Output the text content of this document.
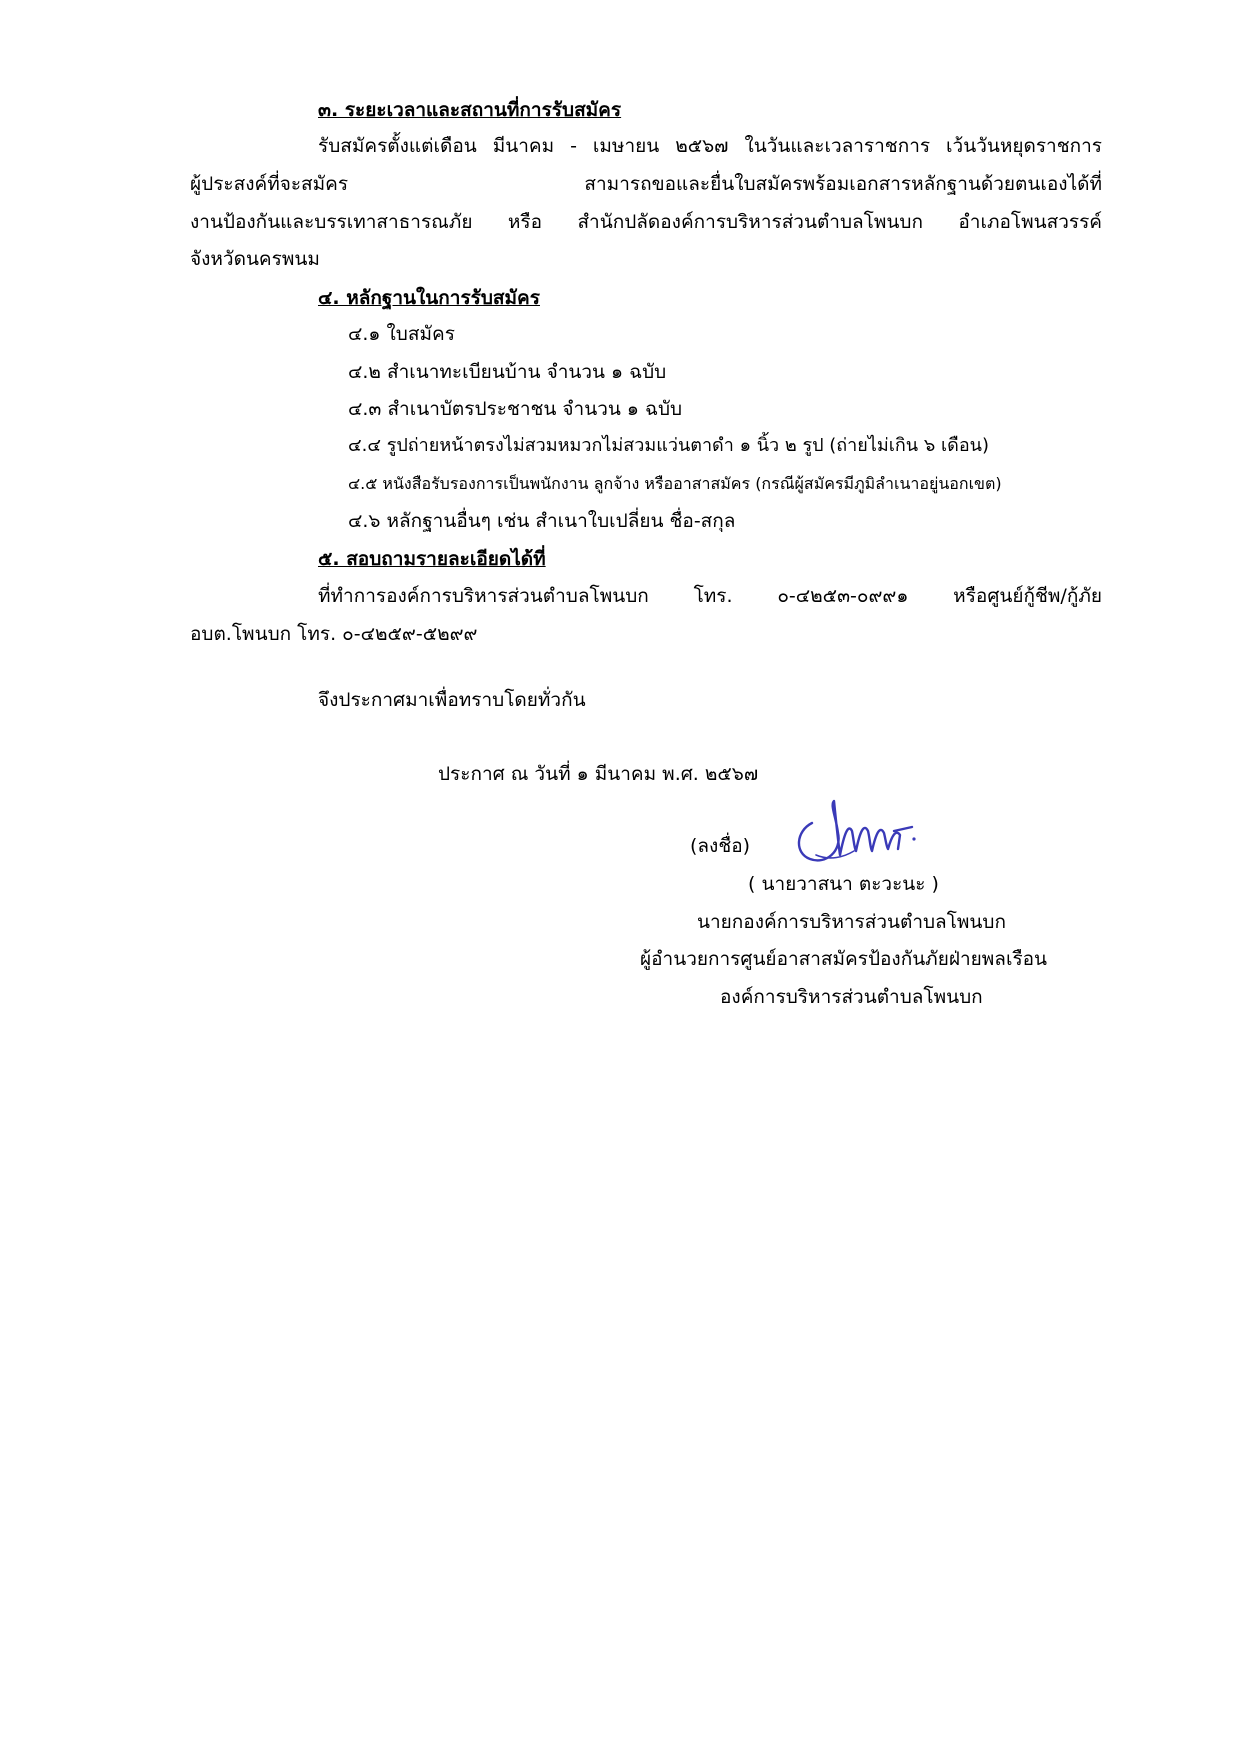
๓. ระยะเวลาและสถานที่การรับสมัคร
รับสมัครตั้งแต่เดือน มีนาคม - เมษายน ๒๕๖๗ ในวันและเวลาราชการ เว้นวันหยุดราชการ
ผู้ประสงค์ที่จะสมัคร สามารถขอและยื่นใบสมัครพร้อมเอกสารหลักฐานด้วยตนเองได้ที่
งานป้องกันและบรรเทาสาธารณภัย หรือ สำนักปลัดองค์การบริหารส่วนตำบลโพนบก อำเภอโพนสวรรค์
จังหวัดนครพนม
๔. หลักฐานในการรับสมัคร
๔.๑ ใบสมัคร
๔.๒ สำเนาทะเบียนบ้าน จำนวน ๑ ฉบับ
๔.๓ สำเนาบัตรประชาชน จำนวน ๑ ฉบับ
๔.๔ รูปถ่ายหน้าตรงไม่สวมหมวกไม่สวมแว่นตาดำ ๑ นิ้ว ๒ รูป (ถ่ายไม่เกิน ๖ เดือน)
๔.๕ หนังสือรับรองการเป็นพนักงาน ลูกจ้าง หรืออาสาสมัคร (กรณีผู้สมัครมีภูมิลำเนาอยู่นอกเขต)
๔.๖ หลักฐานอื่นๆ เช่น สำเนาใบเปลี่ยน ชื่อ-สกุล
๕. สอบถามรายละเอียดได้ที่
ที่ทำการองค์การบริหารส่วนตำบลโพนบก โทร. ๐-๔๒๕๓-๐๙๙๑ หรือศูนย์กู้ชีพ/กู้ภัย
อบต.โพนบก โทร. ๐-๔๒๕๙-๕๒๙๙
จึงประกาศมาเพื่อทราบโดยทั่วกัน
ประกาศ ณ วันที่ ๑ มีนาคม พ.ศ. ๒๕๖๗
(ลงชื่อ)
( นายวาสนา ตะวะนะ )
นายกองค์การบริหารส่วนตำบลโพนบก
ผู้อำนวยการศูนย์อาสาสมัครป้องกันภัยฝ่ายพลเรือน
องค์การบริหารส่วนตำบลโพนบก
